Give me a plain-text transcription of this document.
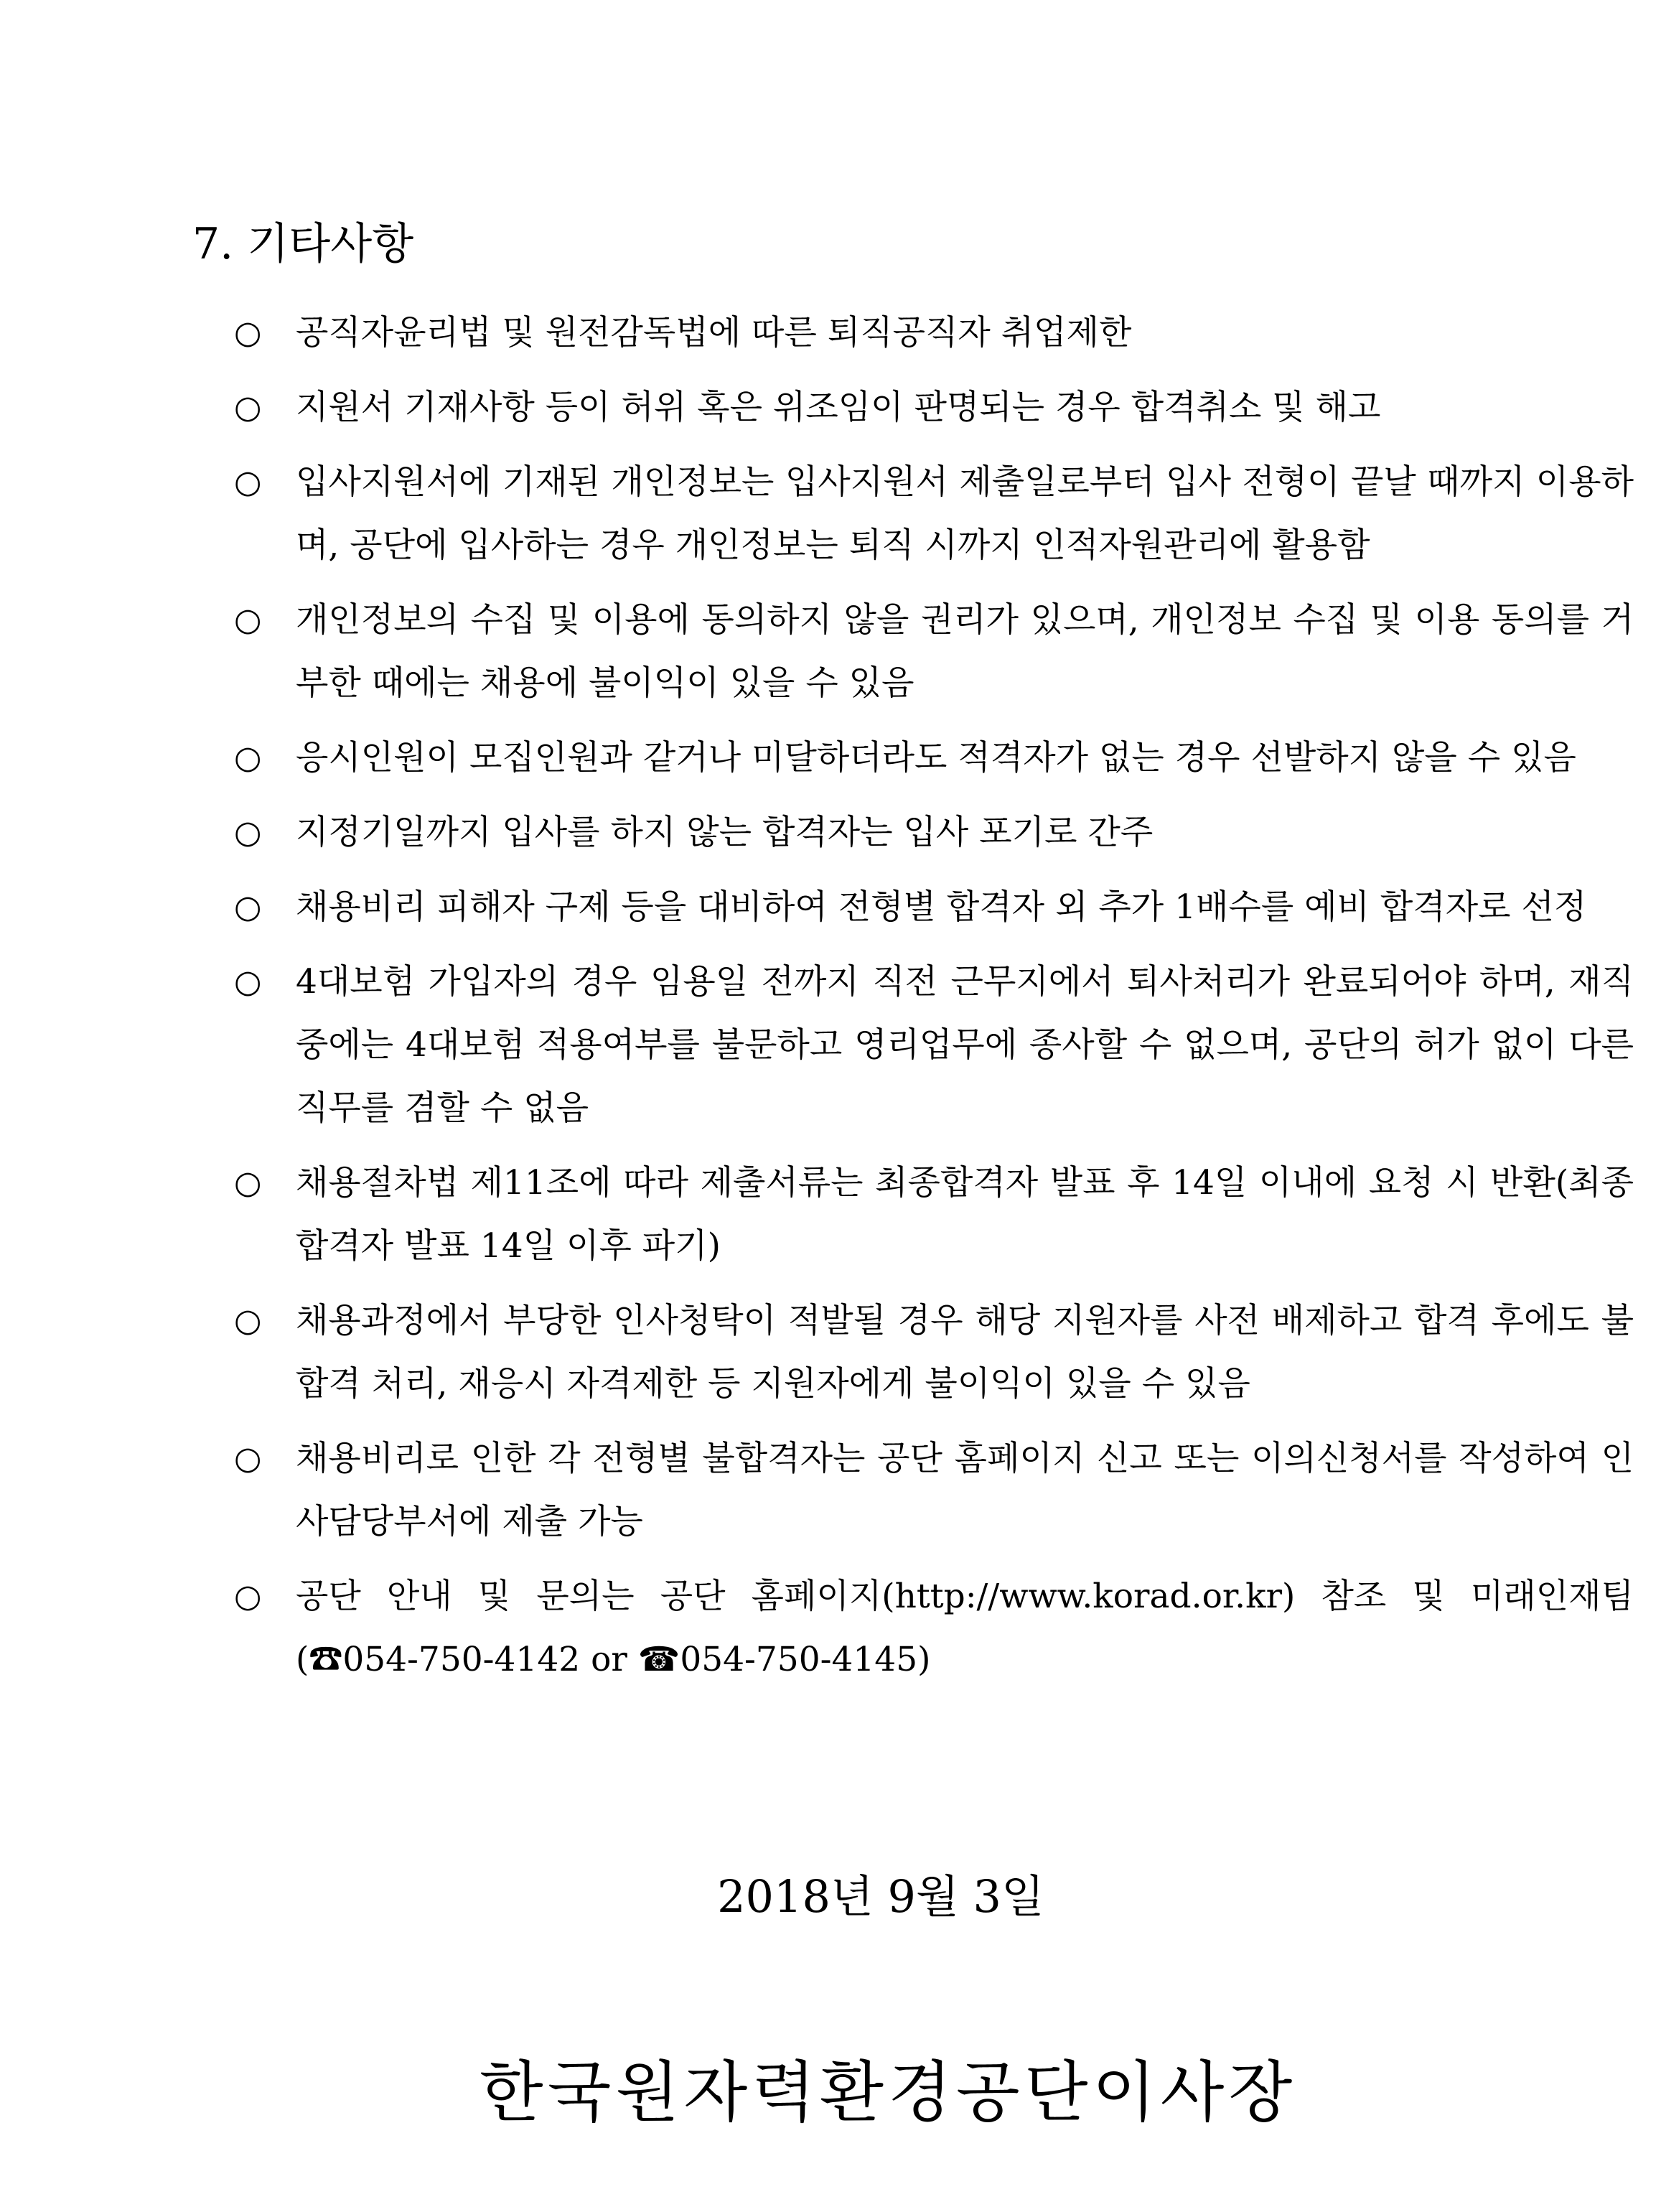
7. 기타사항
○ 공직자윤리법 및 원전감독법에 따른 퇴직공직자 취업제한
○ 지원서 기재사항 등이 허위 혹은 위조임이 판명되는 경우 합격취소 및 해고
○ 입사지원서에 기재된 개인정보는 입사지원서 제출일로부터 입사 전형이 끝날 때까지 이용하며, 공단에 입사하는 경우 개인정보는 퇴직 시까지 인적자원관리에 활용함
○ 개인정보의 수집 및 이용에 동의하지 않을 권리가 있으며, 개인정보 수집 및 이용 동의를 거부한 때에는 채용에 불이익이 있을 수 있음
○ 응시인원이 모집인원과 같거나 미달하더라도 적격자가 없는 경우 선발하지 않을 수 있음
○ 지정기일까지 입사를 하지 않는 합격자는 입사 포기로 간주
○ 채용비리 피해자 구제 등을 대비하여 전형별 합격자 외 추가 1배수를 예비 합격자로 선정
○ 4대보험 가입자의 경우 임용일 전까지 직전 근무지에서 퇴사처리가 완료되어야 하며, 재직 중에는 4대보험 적용여부를 불문하고 영리업무에 종사할 수 없으며, 공단의 허가 없이 다른 직무를 겸할 수 없음
○ 채용절차법 제11조에 따라 제출서류는 최종합격자 발표 후 14일 이내에 요청 시 반환(최종합격자 발표 14일 이후 파기)
○ 채용과정에서 부당한 인사청탁이 적발될 경우 해당 지원자를 사전 배제하고 합격 후에도 불합격 처리, 재응시 자격제한 등 지원자에게 불이익이 있을 수 있음
○ 채용비리로 인한 각 전형별 불합격자는 공단 홈페이지 신고 또는 이의신청서를 작성하여 인사담당부서에 제출 가능
○ 공단 안내 및 문의는 공단 홈페이지(http://www.korad.or.kr) 참조 및 미래인재팀(☎054-750-4142 or ☎054-750-4145)

2018년 9월 3일

한국원자력환경공단이사장
